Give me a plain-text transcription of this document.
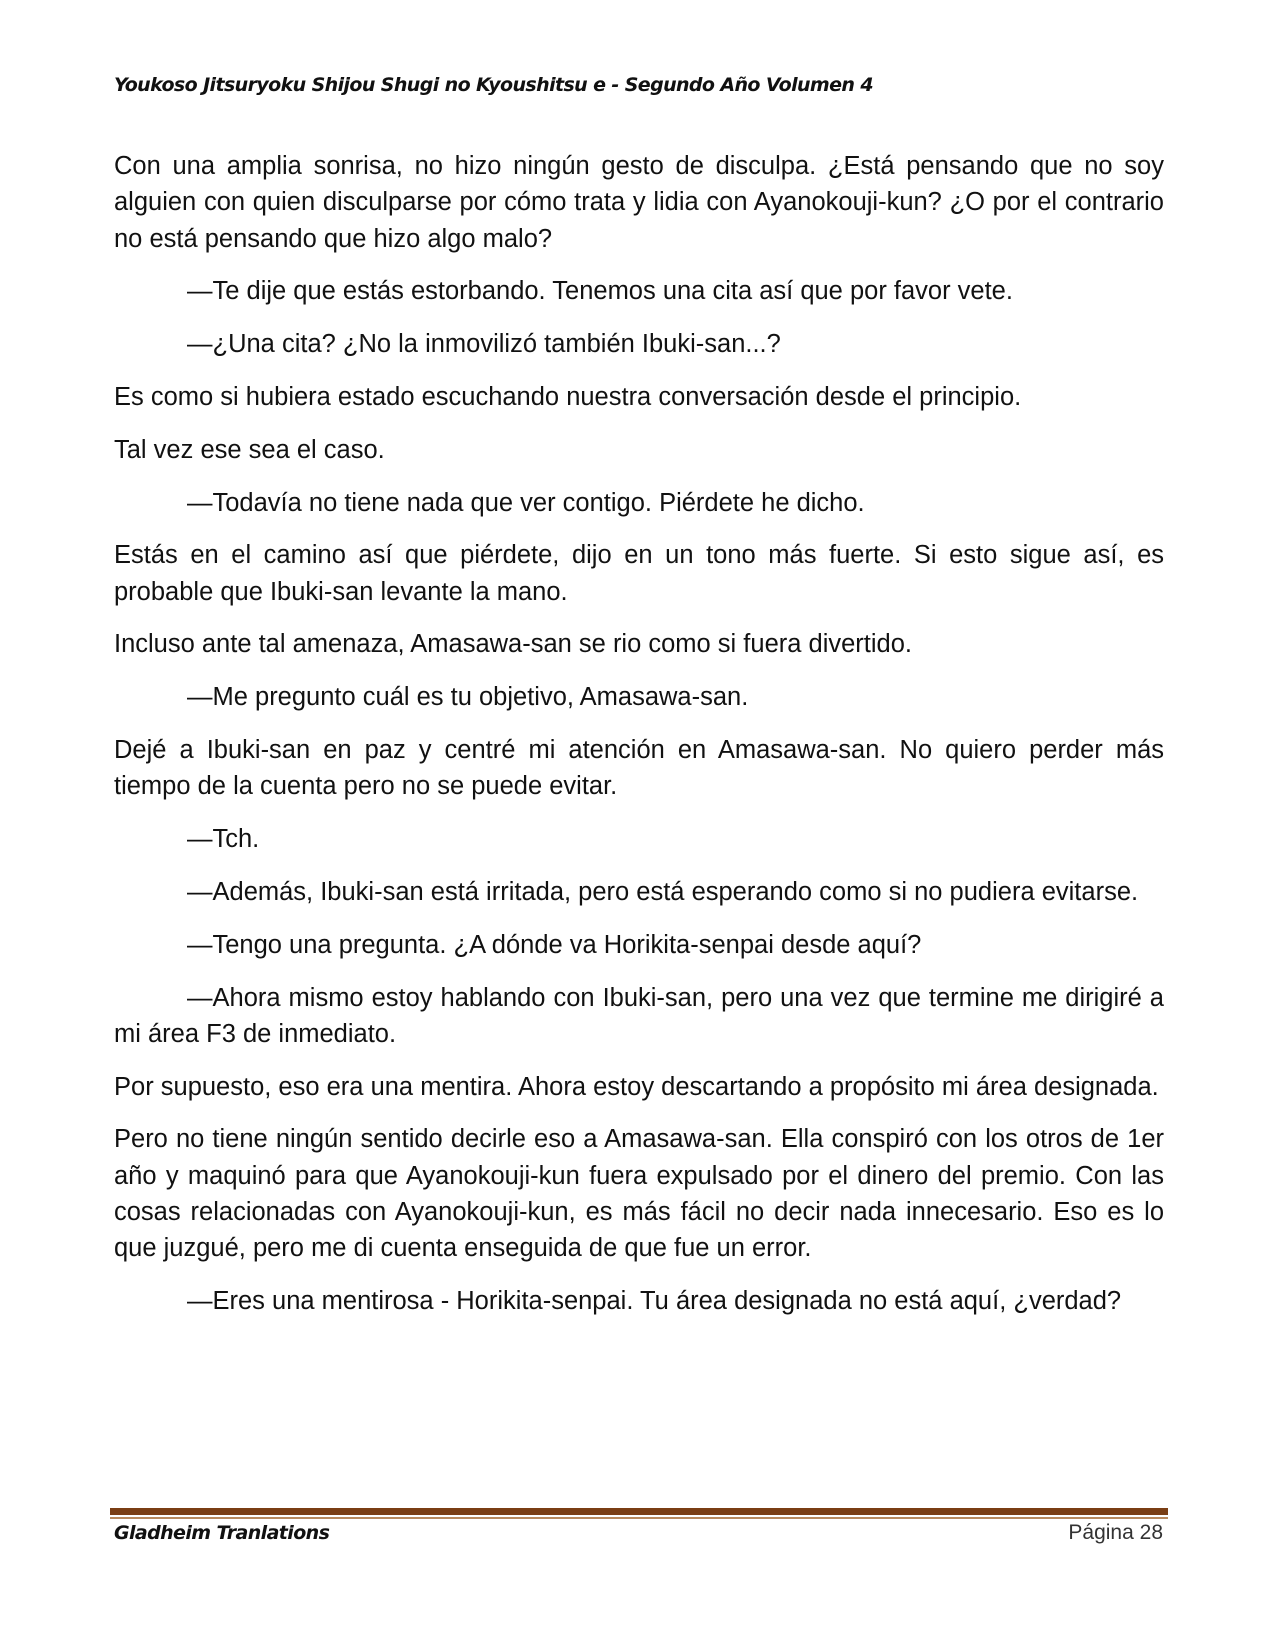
Youkoso Jitsuryoku Shijou Shugi no Kyoushitsu e - Segundo Año Volumen 4

Con una amplia sonrisa, no hizo ningún gesto de disculpa. ¿Está pensando que no soy alguien con quien disculparse por cómo trata y lidia con Ayanokouji-kun? ¿O por el contrario no está pensando que hizo algo malo?

—Te dije que estás estorbando. Tenemos una cita así que por favor vete.

—¿Una cita? ¿No la inmovilizó también Ibuki-san...?

Es como si hubiera estado escuchando nuestra conversación desde el principio.

Tal vez ese sea el caso.

—Todavía no tiene nada que ver contigo. Piérdete he dicho.

Estás en el camino así que piérdete, dijo en un tono más fuerte. Si esto sigue así, es probable que Ibuki-san levante la mano.

Incluso ante tal amenaza, Amasawa-san se rio como si fuera divertido.

—Me pregunto cuál es tu objetivo, Amasawa-san.

Dejé a Ibuki-san en paz y centré mi atención en Amasawa-san. No quiero perder más tiempo de la cuenta pero no se puede evitar.

—Tch.

—Además, Ibuki-san está irritada, pero está esperando como si no pudiera evitarse.

—Tengo una pregunta. ¿A dónde va Horikita-senpai desde aquí?

—Ahora mismo estoy hablando con Ibuki-san, pero una vez que termine me dirigiré a mi área F3 de inmediato.

Por supuesto, eso era una mentira. Ahora estoy descartando a propósito mi área designada.

Pero no tiene ningún sentido decirle eso a Amasawa-san. Ella conspiró con los otros de 1er año y maquinó para que Ayanokouji-kun fuera expulsado por el dinero del premio. Con las cosas relacionadas con Ayanokouji-kun, es más fácil no decir nada innecesario. Eso es lo que juzgué, pero me di cuenta enseguida de que fue un error.

—Eres una mentirosa - Horikita-senpai. Tu área designada no está aquí, ¿verdad?

Gladheim Tranlations	Página 28
